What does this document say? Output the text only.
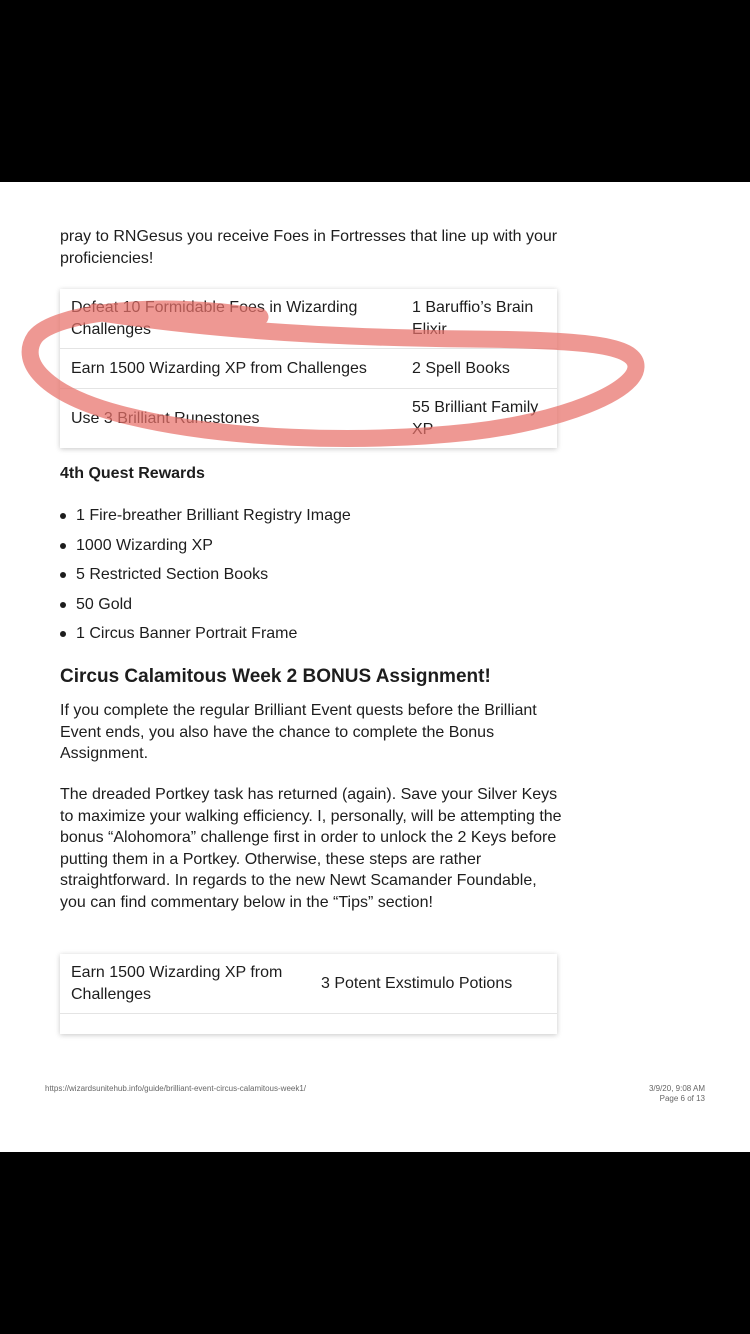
pray to RNGesus you receive Foes in Fortresses that line up with your proficiencies!

Defeat 10 Formidable Foes in Wizarding Challenges
1 Baruffio’s Brain Elixir
Earn 1500 Wizarding XP from Challenges	2 Spell Books
Use 3 Brilliant Runestones
55 Brilliant Family XP
4th Quest Rewards
1 Fire-breather Brilliant Registry Image
1000 Wizarding XP
5 Restricted Section Books
50 Gold
1 Circus Banner Portrait Frame
Circus Calamitous Week 2 BONUS Assignment!

If you complete the regular Brilliant Event quests before the Brilliant Event ends, you also have the chance to complete the Bonus Assignment.

The dreaded Portkey task has returned (again). Save your Silver Keys to maximize your walking efficiency. I, personally, will be attempting the bonus “Alohomora” challenge first in order to unlock the 2 Keys before putting them in a Portkey. Otherwise, these steps are rather straightforward. In regards to the new Newt Scamander Foundable, you can find commentary below in the “Tips” section!

Earn 1500 Wizarding XP from Challenges
3 Potent Exstimulo Potions
https://wizardsunitehub.info/guide/brilliant-event-circus-calamitous-week1/	3/9/20, 9:08 AM
Page 6 of 13
